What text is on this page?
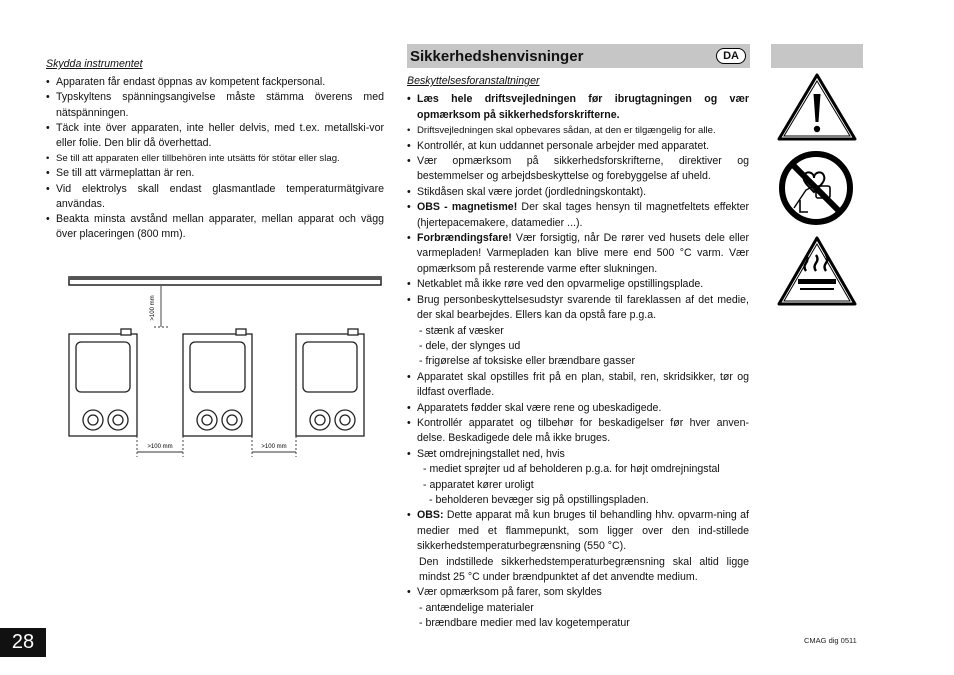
Skydda instrumentet
• Apparaten får endast öppnas av kompetent fackpersonal.
• Typskyltens spänningsangivelse måste stämma överens med nätspänningen.
• Täck inte över apparaten, inte heller delvis, med t.ex. metallski-vor eller folie. Den blir då överhettad.
• Se till att apparaten eller tillbehören inte utsätts för stötar eller slag.
• Se till att värmeplattan är ren.
• Vid elektrolys skall endast glasmantlade temperaturmätgivare användas.
• Beakta minsta avstånd mellan apparater, mellan apparat och vägg över placeringen (800 mm).
>100 mm
>100 mm	>100 mm
Sikkerhedshenvisninger	DA
Beskyttelsesforanstaltninger
• Læs hele driftsvejledningen før ibrugtagningen og vær opmærksom på sikkerhedsforskrifterne.
• Driftsvejledningen skal opbevares sådan, at den er tilgængelig for alle.
• Kontrollér, at kun uddannet personale arbejder med apparatet.
• Vær opmærksom på sikkerhedsforskrifterne, direktiver og bestemmelser og arbejdsbeskyttelse og forebyggelse af uheld.
• Stikdåsen skal være jordet (jordledningskontakt).
• OBS - magnetisme! Der skal tages hensyn til magnetfeltets effekter (hjertepacemakere, datamedier ...).
• Forbrændingsfare! Vær forsigtig, når De rører ved husets dele eller varmepladen! Varmepladen kan blive mere end 500 °C varm. Vær opmærksom på resterende varme efter slukningen.
• Netkablet må ikke røre ved den opvarmelige opstillingsplade.
• Brug personbeskyttelsesudstyr svarende til fareklassen af det medie, der skal bearbejdes. Ellers kan da opstå fare p.g.a.
- stænk af væsker
- dele, der slynges ud
- frigørelse af toksiske eller brændbare gasser
• Apparatet skal opstilles frit på en plan, stabil, ren, skridsikker, tør og ildfast overflade.
• Apparatets fødder skal være rene og ubeskadigede.
• Kontrollér apparatet og tilbehør for beskadigelser før hver anven-delse. Beskadigede dele må ikke bruges.
• Sæt omdrejningstallet ned, hvis
- mediet sprøjter ud af beholderen p.g.a. for højt omdrejningstal
- apparatet kører uroligt
- beholderen bevæger sig på opstillingspladen.
• OBS: Dette apparat må kun bruges til behandling hhv. opvarm-ning af medier med et flammepunkt, som ligger over den ind-stillede sikkerhedstemperaturbegrænsning (550 °C).
Den indstillede sikkerhedstemperaturbegrænsning skal altid ligge mindst 25 °C under brændpunktet af det anvendte medium.
• Vær opmærksom på farer, som skyldes
- antændelige materialer
- brændbare medier med lav kogetemperatur
28	CMAG dig 0511
